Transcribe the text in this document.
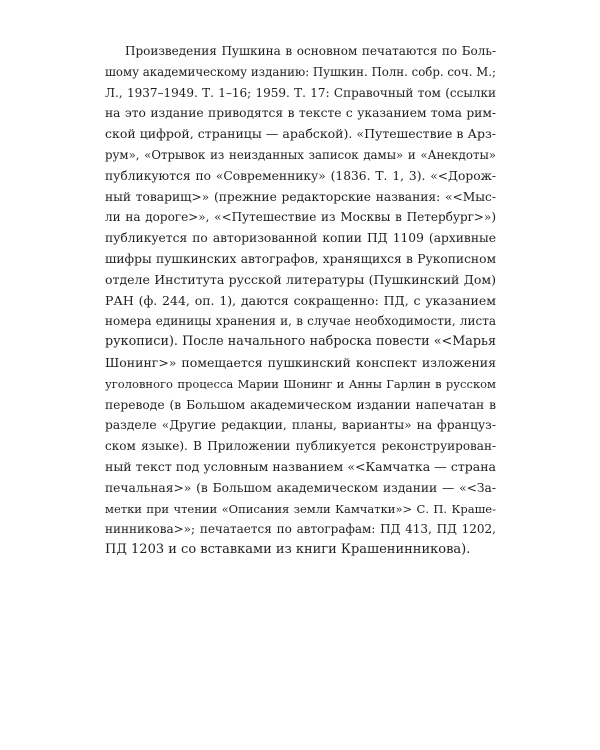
Произведения Пушкина в основном печатаются по Боль-
шому академическому изданию: Пушкин. Полн. собр. соч. М.;
Л., 1937–1949. Т. 1–16; 1959. Т. 17: Справочный том (ссылки
на это издание приводятся в тексте с указанием тома рим-
ской цифрой, страницы — арабской). «Путешествие в Арз-
рум», «Отрывок из неизданных записок дамы» и «Анекдоты»
публикуются по «Современнику» (1836. Т. 1, 3). «<Дорож-
ный товарищ>» (прежние редакторские названия: «<Мыс-
ли на дороге>», «<Путешествие из Москвы в Петербург>»)
публикуется по авторизованной копии ПД 1109 (архивные
шифры пушкинских автографов, хранящихся в Рукописном
отделе Института русской литературы (Пушкинский Дом)
РАН (ф. 244, оп. 1), даются сокращенно: ПД, с указанием
номера единицы хранения и, в случае необходимости, листа
рукописи). После начального наброска повести «<Марья
Шонинг>» помещается пушкинский конспект изложения
уголовного процесса Марии Шонинг и Анны Гарлин в русском
переводе (в Большом академическом издании напечатан в
разделе «Другие редакции, планы, варианты» на француз-
ском языке). В Приложении публикуется реконструирован-
ный текст под условным названием «<Камчатка — страна
печальная>» (в Большом академическом издании — «<За-
метки при чтении «Описания земли Камчатки»> С. П. Краше-
нинникова>»; печатается по автографам: ПД 413, ПД 1202,
ПД 1203 и со вставками из книги Крашенинникова).
